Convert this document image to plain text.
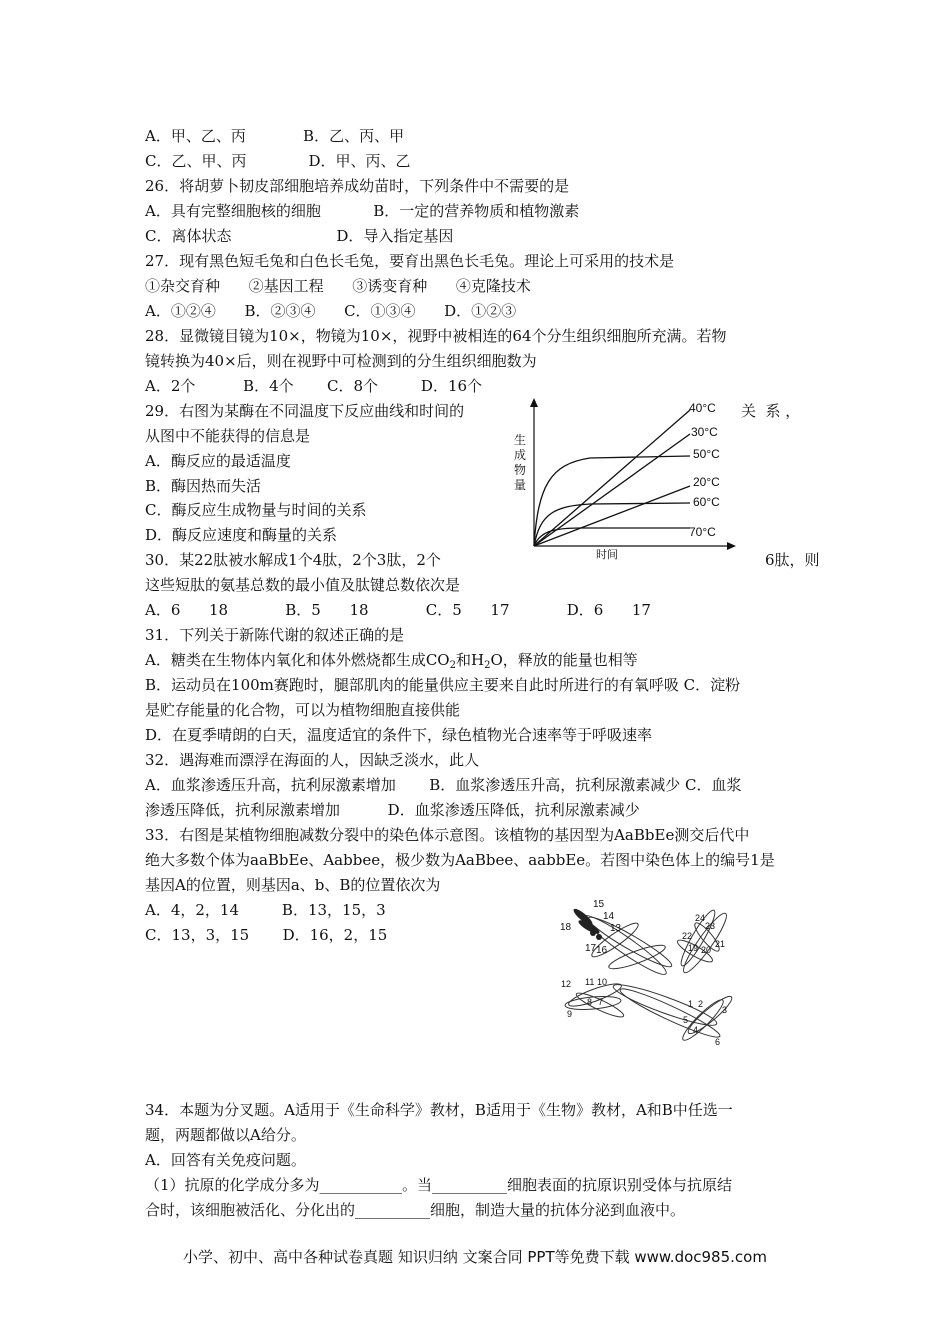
A．甲、乙、丙            B．乙、丙、甲

C．乙、甲、丙             D．甲、丙、乙

26．将胡萝卜韧皮部细胞培养成幼苗时，下列条件中不需要的是

A．具有完整细胞核的细胞           B．一定的营养物质和植物激素

C．离体状态                      D．导入指定基因

27．现有黑色短毛兔和白色长毛兔，要育出黑色长毛兔。理论上可采用的技术是

①杂交育种      ②基因工程      ③诱变育种      ④克隆技术

A．①②④      B．②③④      C．①③④      D．①②③

28．显微镜目镜为10×，物镜为10×，视野中被相连的64个分生组织细胞所充满。若物

镜转换为40×后，则在视野中可检测到的分生组织细胞数为

A．2个          B．4个       C．8个         D．16个

29．右图为某酶在不同温度下反应曲线和时间的	关  系 ，

从图中不能获得的信息是

A．酶反应的最适温度

B．酶因热而失活

C．酶反应生成物量与时间的关系

D．酶反应速度和酶量的关系

生成物量
时间
40°C
30°C
50°C
20°C
60°C
70°C

30．某22肽被水解成1个4肽，2个3肽，2个	6肽，则

这些短肽的氨基总数的最小值及肽键总数依次是

A．6      18            B．5      18            C．5      17            D．6      17

31．下列关于新陈代谢的叙述正确的是

A．糖类在生物体内氧化和体外燃烧都生成$CO_2$和$H_2O$，释放的能量也相等

B．运动员在100m赛跑时，腿部肌肉的能量供应主要来自此时所进行的有氧呼吸 C．淀粉

是贮存能量的化合物，可以为植物细胞直接供能

D．在夏季晴朗的白天，温度适宜的条件下，绿色植物光合速率等于呼吸速率

32．遇海难而漂浮在海面的人，因缺乏淡水，此人

A．血浆渗透压升高，抗利尿激素增加       B．血浆渗透压升高，抗利尿激素减少 C．血浆

渗透压降低，抗利尿激素增加          D．血浆渗透压降低，抗利尿激素减少

33．右图是某植物细胞减数分裂中的染色体示意图。该植物的基因型为AaBbEe测交后代中

绝大多数个体为aaBbEe、Aabbee，极少数为AaBbee、aabbEe。若图中染色体上的编号1是

基因A的位置，则基因a、b、B的位置依次为

A．4，2，14         B．13，15，3

C．13，3，15       D．16，2，15

15
14
18	13
17 16
24
22
23
21
19 20
12 11 10
9
8 7
3
2
1
5
4
6

34．本题为分叉题。A适用于《生命科学》教材，B适用于《生物》教材，A和B中任选一

题，两题都做以A给分。

A．回答有关免疫问题。

（1）抗原的化学成分多为___________。当__________细胞表面的抗原识别受体与抗原结

合时，该细胞被活化、分化出的__________细胞，制造大量的抗体分泌到血液中。

小学、初中、高中各种试卷真题 知识归纳 文案合同 PPT等免费下载 www.doc985.com
